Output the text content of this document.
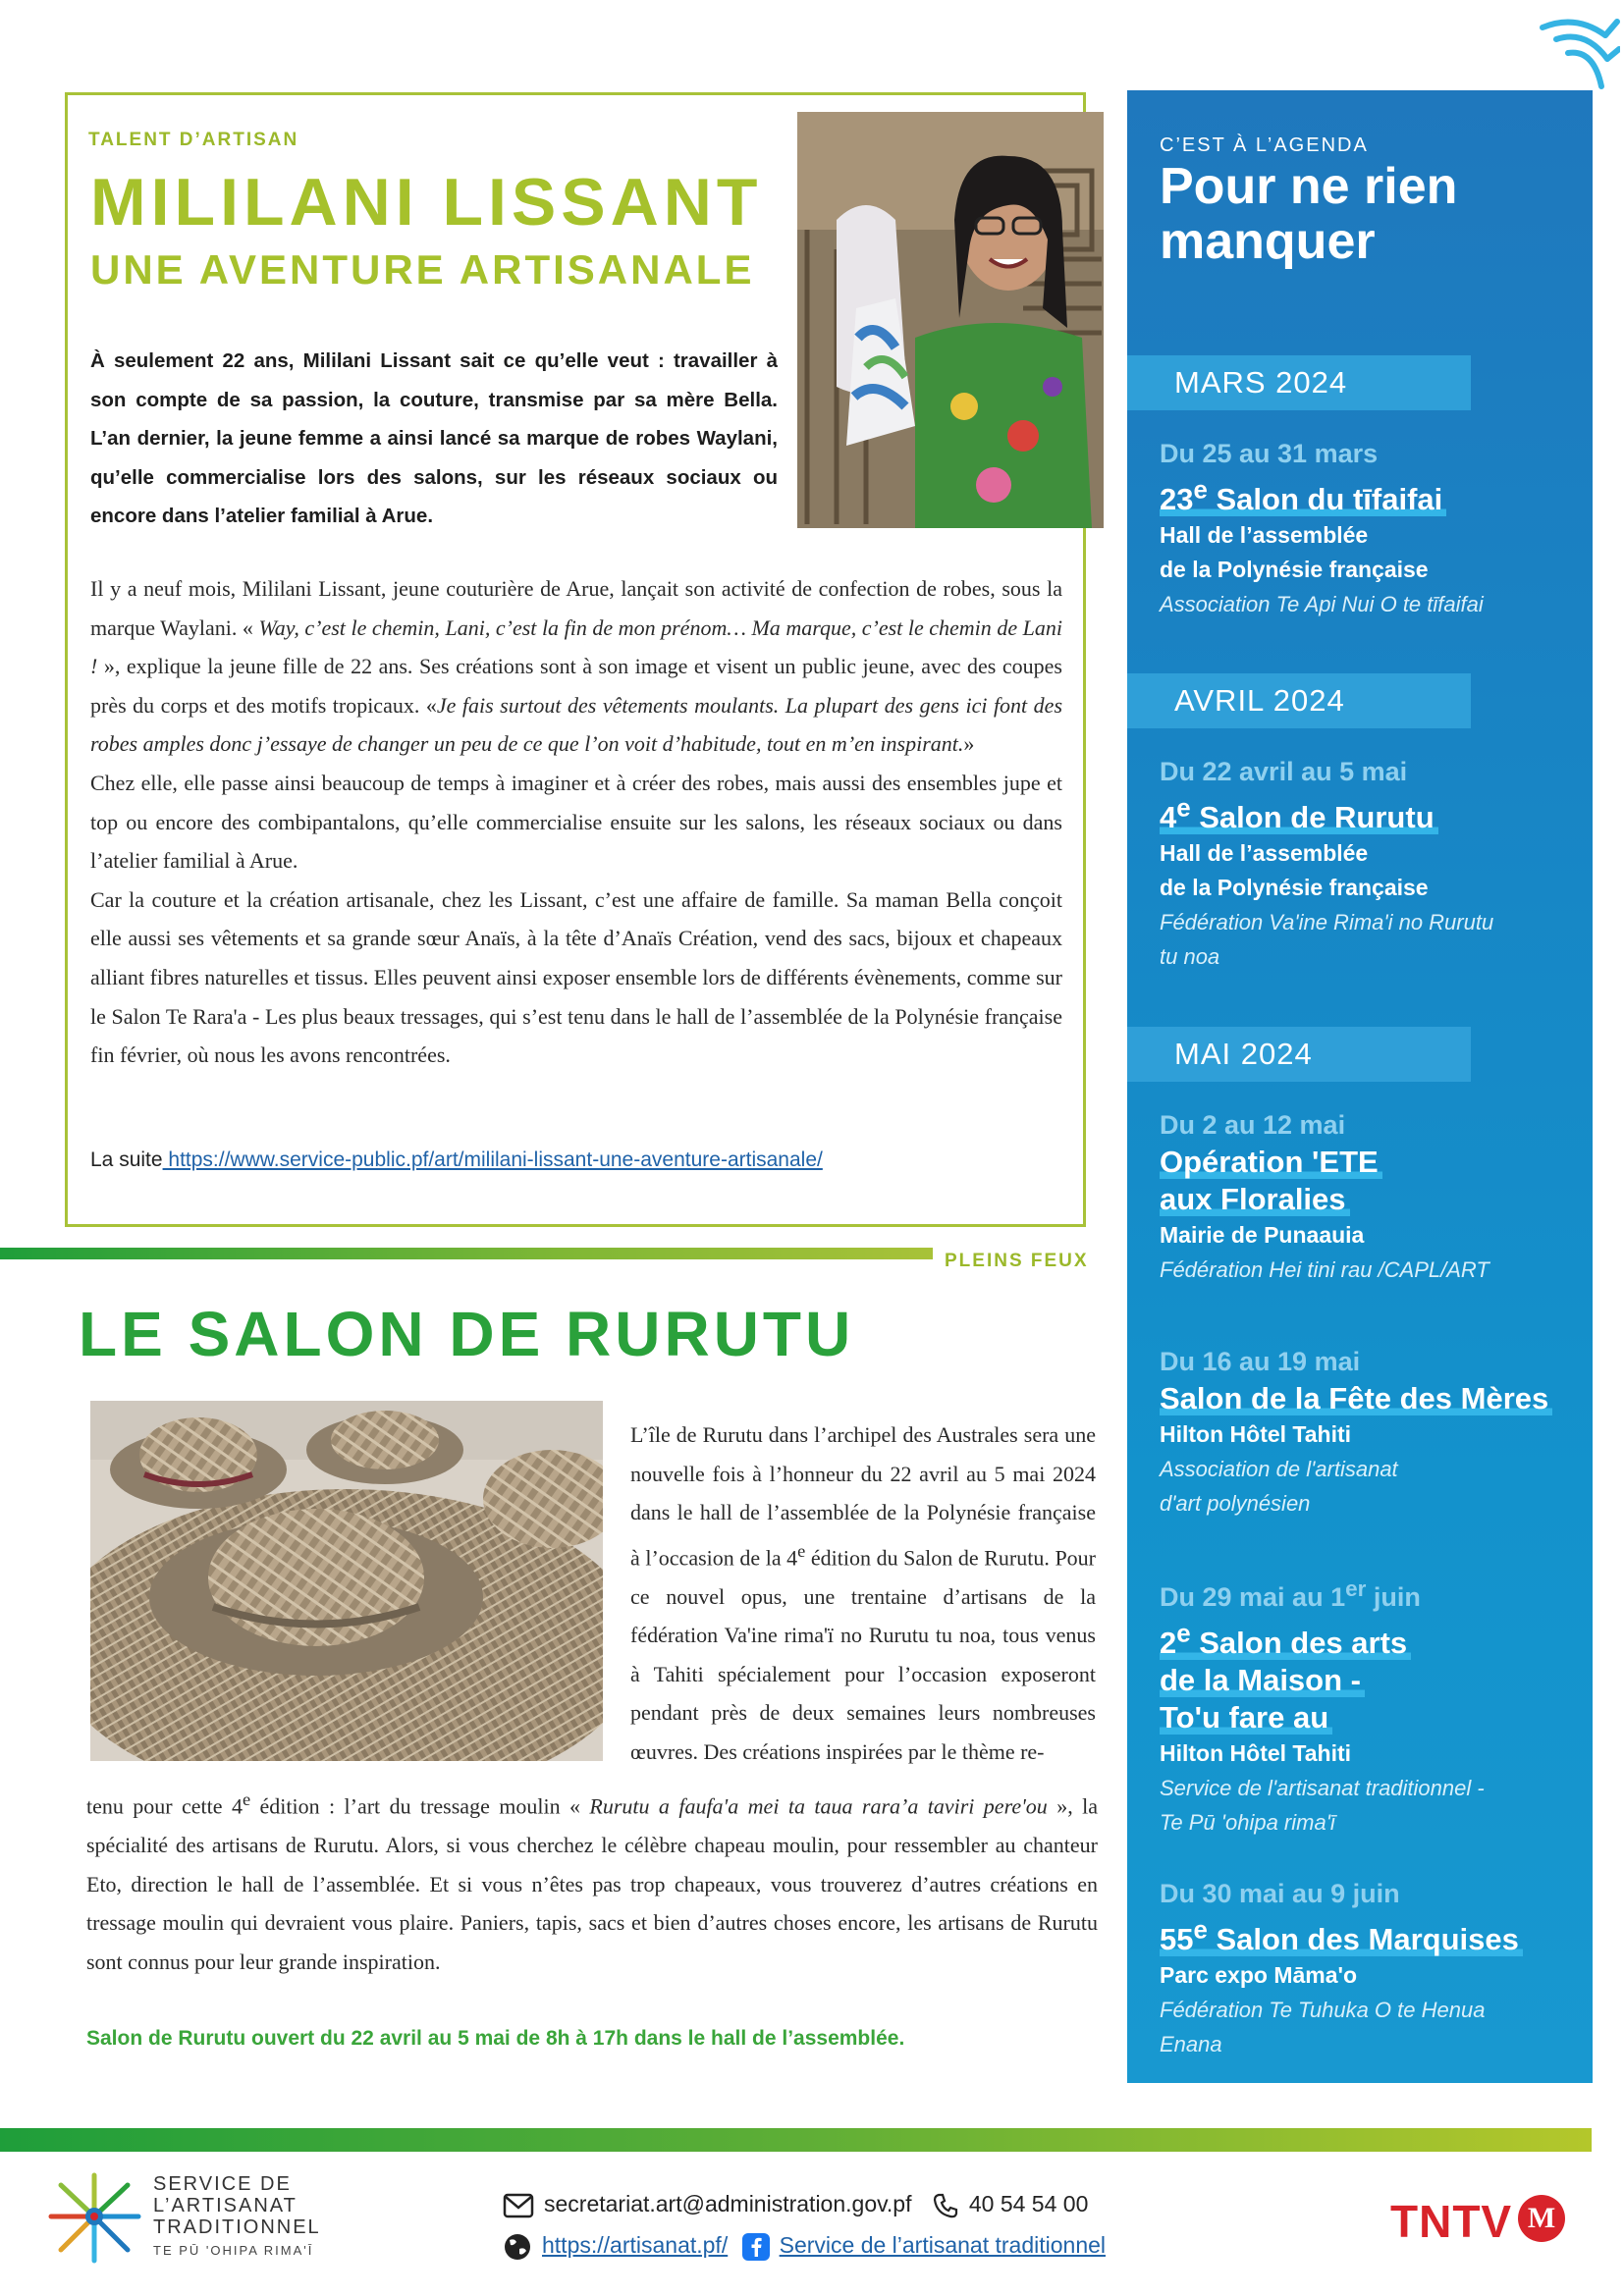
TALENT D’ARTISAN
MILILANI LISSANT
UNE AVENTURE ARTISANALE
À seulement 22 ans, Mililani Lissant sait ce qu’elle veut : travailler à son compte de sa passion, la couture, transmise par sa mère Bella. L’an dernier, la jeune femme a ainsi lancé sa marque de robes Waylani, qu’elle commercialise lors des salons, sur les réseaux sociaux ou encore dans l’atelier familial à Arue.

Il y a neuf mois, Mililani Lissant, jeune couturière de Arue, lançait son activité de confection de robes, sous la marque Waylani. « Way, c’est le chemin, Lani, c’est la fin de mon prénom… Ma marque, c’est le chemin de Lani ! », explique la jeune fille de 22 ans. Ses créations sont à son image et visent un public jeune, avec des coupes près du corps et des motifs tropicaux. «Je fais surtout des vêtements moulants. La plupart des gens ici font des robes amples donc j’essaye de changer un peu de ce que l’on voit d’habitude, tout en m’en inspirant.»

Chez elle, elle passe ainsi beaucoup de temps à imaginer et à créer des robes, mais aussi des ensembles jupe et top ou encore des combipantalons, qu’elle commercialise ensuite sur les salons, les réseaux sociaux ou dans l’atelier familial à Arue.

Car la couture et la création artisanale, chez les Lissant, c’est une affaire de famille. Sa maman Bella conçoit elle aussi ses vêtements et sa grande sœur Anaïs, à la tête d’Anaïs Création, vend des sacs, bijoux et chapeaux alliant fibres naturelles et tissus. Elles peuvent ainsi exposer ensemble lors de différents évènements, comme sur le Salon Te Rara'a - Les plus beaux tressages, qui s’est tenu dans le hall de l’assemblée de la Polynésie française fin février, où nous les avons rencontrées.

La suite https://www.service-public.pf/art/mililani-lissant-une-aventure-artisanale/
PLEINS FEUX
LE SALON DE RURUTU

L’île de Rurutu dans l’archipel des Australes sera une nouvelle fois à l’honneur du 22 avril au 5 mai 2024 dans le hall de l’assemblée de la Polynésie française à l’occasion de la 4e édition du Salon de Rurutu. Pour ce nouvel opus, une trentaine d’artisans de la fédération Va'ine rima'ï no Rurutu tu noa, tous venus à Tahiti spécialement pour l’occasion exposeront pendant près de deux semaines leurs nombreuses œuvres. Des créations inspirées par le thème re-

tenu pour cette 4e édition : l’art du tressage moulin « Rurutu a faufa'a mei ta taua rara’a taviri pere'ou », la spécialité des artisans de Rurutu. Alors, si vous cherchez le célèbre chapeau moulin, pour ressembler au chanteur Eto, direction le hall de l’assemblée. Et si vous n’êtes pas trop chapeaux, vous trouverez d’autres créations en tressage moulin qui devraient vous plaire. Paniers, tapis, sacs et bien d’autres choses encore, les artisans de Rurutu sont connus pour leur grande inspiration.

Salon de Rurutu ouvert du 22 avril au 5 mai de 8h à 17h dans le hall de l’assemblée.
C’EST À L’AGENDA
Pour ne rien
manquer
MARS 2024
Du 25 au 31 mars
23e Salon du tīfaifai
Hall de l’assemblée
de la Polynésie française
Association Te Api Nui O te tīfaifai
AVRIL 2024
Du 22 avril au 5 mai
4e Salon de Rurutu
Hall de l’assemblée
de la Polynésie française
Fédération Va'ine Rima'i no Rurutu
tu noa
MAI 2024
Du 2 au 12 mai
Opération 'ETE
aux Floralies
Mairie de Punaauia
Fédération Hei tini rau /CAPL/ART
Du 16 au 19 mai
Salon de la Fête des Mères
Hilton Hôtel Tahiti
Association de l'artisanat
d'art polynésien
Du 29 mai au 1er juin
2e Salon des arts
de la Maison -
To'u fare au
Hilton Hôtel Tahiti
Service de l'artisanat traditionnel -
Te Pū 'ohipa rima'ī
Du 30 mai au 9 juin
55e Salon des Marquises
Parc expo Māma'o
Fédération Te Tuhuka O te Henua
Enana
SERVICE DE
L’ARTISANAT
TRADITIONNEL
TE PŪ 'OHIPA RIMA'Ī
secretariat.art@administration.gov.pf	40 54 54 00
https://artisanat.pf/ Service de l’artisanat traditionnel	TNTV M
